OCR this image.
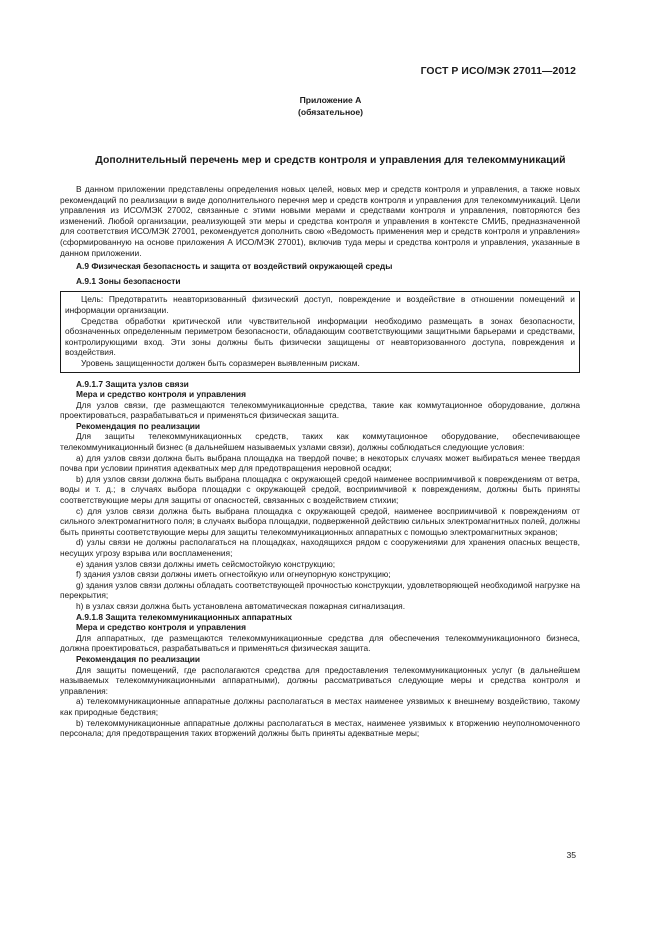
ГОСТ Р ИСО/МЭК 27011—2012
Приложение А
(обязательное)
Дополнительный перечень мер и средств контроля и управления для телекоммуникаций

В данном приложении представлены определения новых целей, новых мер и средств контроля и управления, а также новых рекомендаций по реализации в виде дополнительного перечня мер и средств контроля и управления для телекоммуникаций. Цели управления из ИСО/МЭК 27002, связанные с этими новыми мерами и средствами контроля и управления, повторяются без изменений. Любой организации, реализующей эти меры и средства контроля и управления в контексте СМИБ, предназначенной для соответствия ИСО/МЭК 27001, рекомендуется дополнить свою «Ведомость применения мер и средств контроля и управления» (сформированную на основе приложения А ИСО/МЭК 27001), включив туда меры и средства контроля и управления, указанные в данном приложении.

А.9 Физическая безопасность и защита от воздействий окружающей среды

А.9.1 Зоны безопасности

Цель: Предотвратить неавторизованный физический доступ, повреждение и воздействие в отношении помещений и информации организации.

Средства обработки критической или чувствительной информации необходимо размещать в зонах безопасности, обозначенных определенным периметром безопасности, обладающим соответствующими защитными барьерами и средствами, контролирующими вход. Эти зоны должны быть физически защищены от неавторизованного доступа, повреждения и воздействия.

Уровень защищенности должен быть соразмерен выявленным рискам.

А.9.1.7 Защита узлов связи

Мера и средство контроля и управления

Для узлов связи, где размещаются телекоммуникационные средства, такие как коммутационное оборудование, должна проектироваться, разрабатываться и применяться физическая защита.

Рекомендация по реализации

Для защиты телекоммуникационных средств, таких как коммутационное оборудование, обеспечивающее телекоммуникационный бизнес (в дальнейшем называемых узлами связи), должны соблюдаться следующие условия:

а) для узлов связи должна быть выбрана площадка на твердой почве; в некоторых случаях может выбираться менее твердая почва при условии принятия адекватных мер для предотвращения неровной осадки;

b) для узлов связи должна быть выбрана площадка с окружающей средой наименее восприимчивой к повреждениям от ветра, воды и т. д.; в случаях выбора площадки с окружающей средой, восприимчивой к повреждениям, должны быть приняты соответствующие меры для защиты от опасностей, связанных с воздействием стихии;

c) для узлов связи должна быть выбрана площадка с окружающей средой, наименее восприимчивой к повреждениям от сильного электромагнитного поля; в случаях выбора площадки, подверженной действию сильных электромагнитных полей, должны быть приняты соответствующие меры для защиты телекоммуникационных аппаратных с помощью электромагнитных экранов;

d) узлы связи не должны располагаться на площадках, находящихся рядом с сооружениями для хранения опасных веществ, несущих угрозу взрыва или воспламенения;

e) здания узлов связи должны иметь сейсмостойкую конструкцию;

f) здания узлов связи должны иметь огнестойкую или огнеупорную конструкцию;

g) здания узлов связи должны обладать соответствующей прочностью конструкции, удовлетворяющей необходимой нагрузке на перекрытия;

h) в узлах связи должна быть установлена автоматическая пожарная сигнализация.

А.9.1.8 Защита телекоммуникационных аппаратных

Мера и средство контроля и управления

Для аппаратных, где размещаются телекоммуникационные средства для обеспечения телекоммуникационного бизнеса, должна проектироваться, разрабатываться и применяться физическая защита.

Рекомендация по реализации

Для защиты помещений, где располагаются средства для предоставления телекоммуникационных услуг (в дальнейшем называемых телекоммуникационными аппаратными), должны рассматриваться следующие меры и средства контроля и управления:

а) телекоммуникационные аппаратные должны располагаться в местах наименее уязвимых к внешнему воздействию, такому как природные бедствия;

b) телекоммуникационные аппаратные должны располагаться в местах, наименее уязвимых к вторжению неуполномоченного персонала; для предотвращения таких вторжений должны быть приняты адекватные меры;

35
